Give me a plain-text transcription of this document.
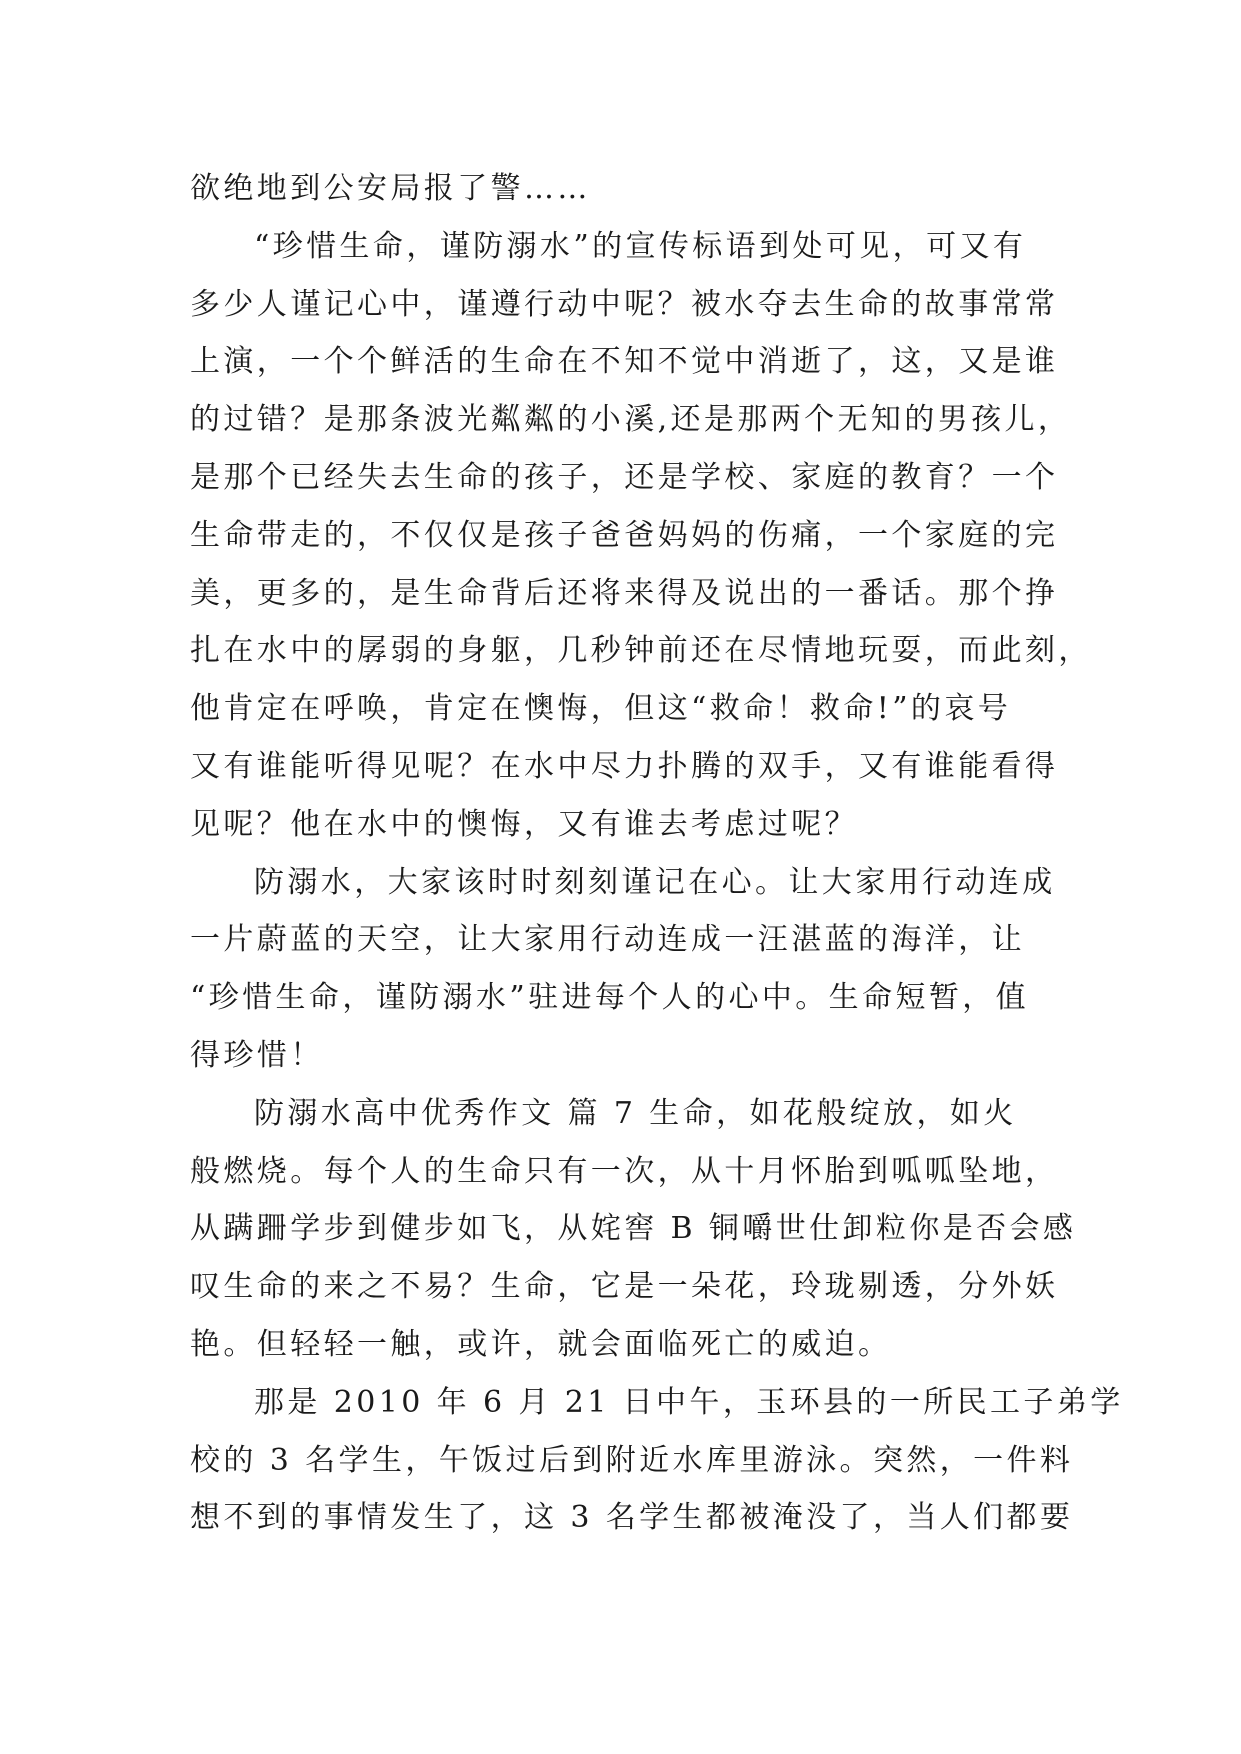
欲绝地到公安局报了警……
“珍惜生命，谨防溺水”的宣传标语到处可见，可又有
多少人谨记心中，谨遵行动中呢？被水夺去生命的故事常常
上演，一个个鲜活的生命在不知不觉中消逝了，这，又是谁
的过错？是那条波光粼粼的小溪,还是那两个无知的男孩儿，
是那个已经失去生命的孩子，还是学校、家庭的教育？一个
生命带走的，不仅仅是孩子爸爸妈妈的伤痛，一个家庭的完
美，更多的，是生命背后还将来得及说出的一番话。那个挣
扎在水中的孱弱的身躯，几秒钟前还在尽情地玩耍，而此刻，
他肯定在呼唤，肯定在懊悔，但这“救命！救命!”的哀号
又有谁能听得见呢？在水中尽力扑腾的双手，又有谁能看得
见呢？他在水中的懊悔，又有谁去考虑过呢？
防溺水，大家该时时刻刻谨记在心。让大家用行动连成
一片蔚蓝的天空，让大家用行动连成一汪湛蓝的海洋，让
“珍惜生命，谨防溺水”驻进每个人的心中。生命短暂，值
得珍惜！
防溺水高中优秀作文 篇 7 生命，如花般绽放，如火
般燃烧。每个人的生命只有一次，从十月怀胎到呱呱坠地，
从蹒跚学步到健步如飞，从姹窖 B 铜嚼世仕卸粒你是否会感
叹生命的来之不易？生命，它是一朵花，玲珑剔透，分外妖
艳。但轻轻一触，或许，就会面临死亡的威迫。
那是 2010 年 6 月 21 日中午，玉环县的一所民工子弟学
校的 3 名学生，午饭过后到附近水库里游泳。突然，一件料
想不到的事情发生了，这 3 名学生都被淹没了，当人们都要
